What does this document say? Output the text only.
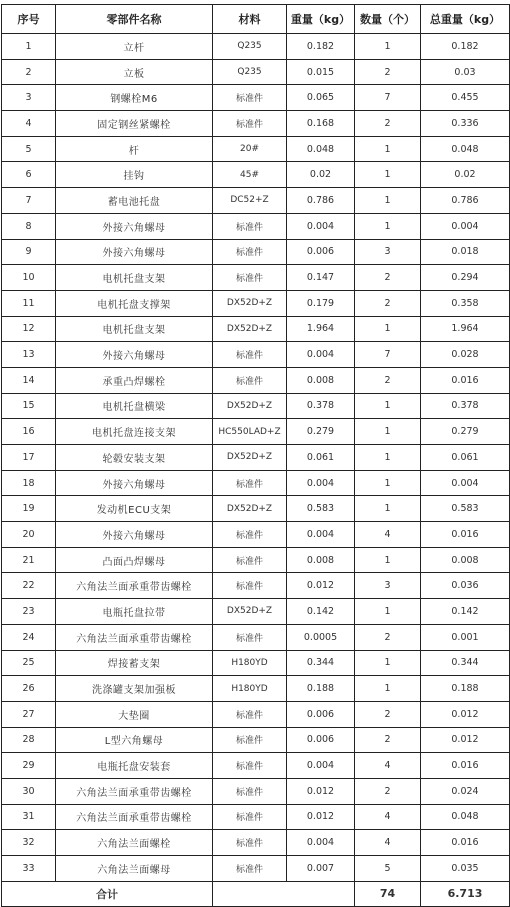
序号	零部件名称	材料	重量（kg）	数量（个）	总重量（kg）
1	立杆	Q235	0.182	1	0.182
2	立板	Q235	0.015	2	0.03
3	钢螺栓M6	标准件	0.065	7	0.455
4	固定钢丝紧螺栓	标准件	0.168	2	0.336
5	杆	20#	0.048	1	0.048
6	挂钩	45#	0.02	1	0.02
7	蓄电池托盘	DC52+Z	0.786	1	0.786
8	外接六角螺母	标准件	0.004	1	0.004
9	外接六角螺母	标准件	0.006	3	0.018
10	电机托盘支架	标准件	0.147	2	0.294
11	电机托盘支撑架	DX52D+Z	0.179	2	0.358
12	电机托盘支架	DX52D+Z	1.964	1	1.964
13	外接六角螺母	标准件	0.004	7	0.028
14	承重凸焊螺栓	标准件	0.008	2	0.016
15	电机托盘横梁	DX52D+Z	0.378	1	0.378
16	电机托盘连接支架	HC550LAD+Z	0.279	1	0.279
17	轮毂安装支架	DX52D+Z	0.061	1	0.061
18	外接六角螺母	标准件	0.004	1	0.004
19	发动机ECU支架	DX52D+Z	0.583	1	0.583
20	外接六角螺母	标准件	0.004	4	0.016
21	凸面凸焊螺母	标准件	0.008	1	0.008
22	六角法兰面承重带齿螺栓	标准件	0.012	3	0.036
23	电瓶托盘拉带	DX52D+Z	0.142	1	0.142
24	六角法兰面承重带齿螺栓	标准件	0.0005	2	0.001
25	焊接蓄支架	H180YD	0.344	1	0.344
26	洗涤罐支架加强板	H180YD	0.188	1	0.188
27	大垫圈	标准件	0.006	2	0.012
28	L型六角螺母	标准件	0.006	2	0.012
29	电瓶托盘安装套	标准件	0.004	4	0.016
30	六角法兰面承重带齿螺栓	标准件	0.012	2	0.024
31	六角法兰面承重带齿螺栓	标准件	0.012	4	0.048
32	六角法兰面螺栓	标准件	0.004	4	0.016
33	六角法兰面螺母	标准件	0.007	5	0.035
合计				74	6.713
